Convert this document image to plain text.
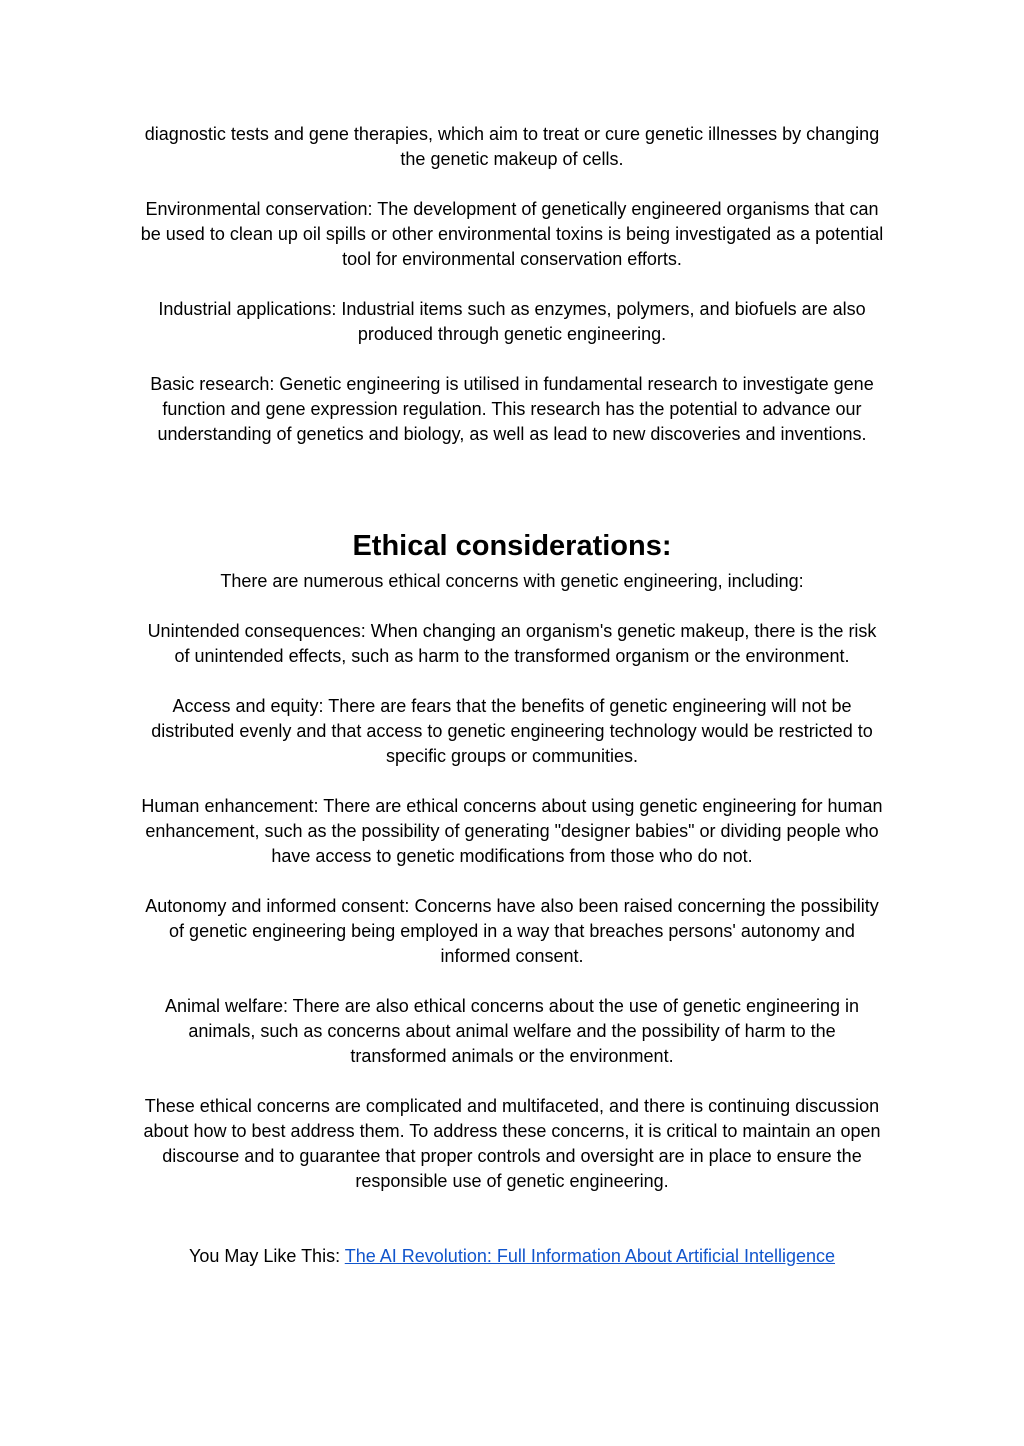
diagnostic tests and gene therapies, which aim to treat or cure genetic illnesses by changing the genetic makeup of cells.

Environmental conservation: The development of genetically engineered organisms that can be used to clean up oil spills or other environmental toxins is being investigated as a potential tool for environmental conservation efforts.

Industrial applications: Industrial items such as enzymes, polymers, and biofuels are also produced through genetic engineering.

Basic research: Genetic engineering is utilised in fundamental research to investigate gene function and gene expression regulation. This research has the potential to advance our understanding of genetics and biology, as well as lead to new discoveries and inventions.

Ethical considerations:

There are numerous ethical concerns with genetic engineering, including:

Unintended consequences: When changing an organism's genetic makeup, there is the risk of unintended effects, such as harm to the transformed organism or the environment.

Access and equity: There are fears that the benefits of genetic engineering will not be distributed evenly and that access to genetic engineering technology would be restricted to specific groups or communities.

Human enhancement: There are ethical concerns about using genetic engineering for human enhancement, such as the possibility of generating "designer babies" or dividing people who have access to genetic modifications from those who do not.

Autonomy and informed consent: Concerns have also been raised concerning the possibility of genetic engineering being employed in a way that breaches persons' autonomy and informed consent.

Animal welfare: There are also ethical concerns about the use of genetic engineering in animals, such as concerns about animal welfare and the possibility of harm to the transformed animals or the environment.

These ethical concerns are complicated and multifaceted, and there is continuing discussion about how to best address them. To address these concerns, it is critical to maintain an open discourse and to guarantee that proper controls and oversight are in place to ensure the responsible use of genetic engineering.

You May Like This: The AI Revolution: Full Information About Artificial Intelligence
